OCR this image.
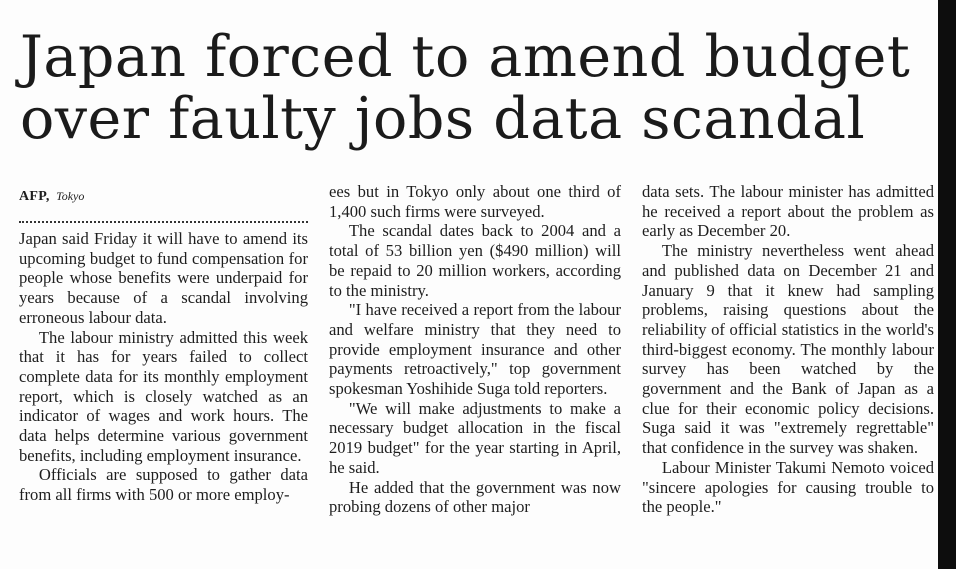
Japan forced to amend budget
over faulty jobs data scandal
AFP, Tokyo

Japan said Friday it will have to amend its upcoming budget to fund compensation for people whose benefits were underpaid for years because of a scandal involving erroneous labour data.

The labour ministry admitted this week that it has for years failed to collect complete data for its monthly employment report, which is closely watched as an indicator of wages and work hours. The data helps determine various government benefits, including employment insurance.

Officials are supposed to gather data from all firms with 500 or more employ-

ees but in Tokyo only about one third of 1,400 such firms were surveyed.

The scandal dates back to 2004 and a total of 53 billion yen ($490 million) will be repaid to 20 million workers, according to the ministry.

"I have received a report from the labour and welfare ministry that they need to provide employment insurance and other payments retroactively," top government spokesman Yoshihide Suga told reporters.

"We will make adjustments to make a necessary budget allocation in the fiscal 2019 budget" for the year starting in April, he said.

He added that the government was now probing dozens of other major

data sets. The labour minister has admitted he received a report about the problem as early as December 20.

The ministry nevertheless went ahead and published data on December 21 and January 9 that it knew had sampling problems, raising questions about the reliability of official statistics in the world's third-biggest economy. The monthly labour survey has been watched by the government and the Bank of Japan as a clue for their economic policy decisions. Suga said it was "extremely regrettable" that confidence in the survey was shaken.

Labour Minister Takumi Nemoto voiced "sincere apologies for causing trouble to the people."
